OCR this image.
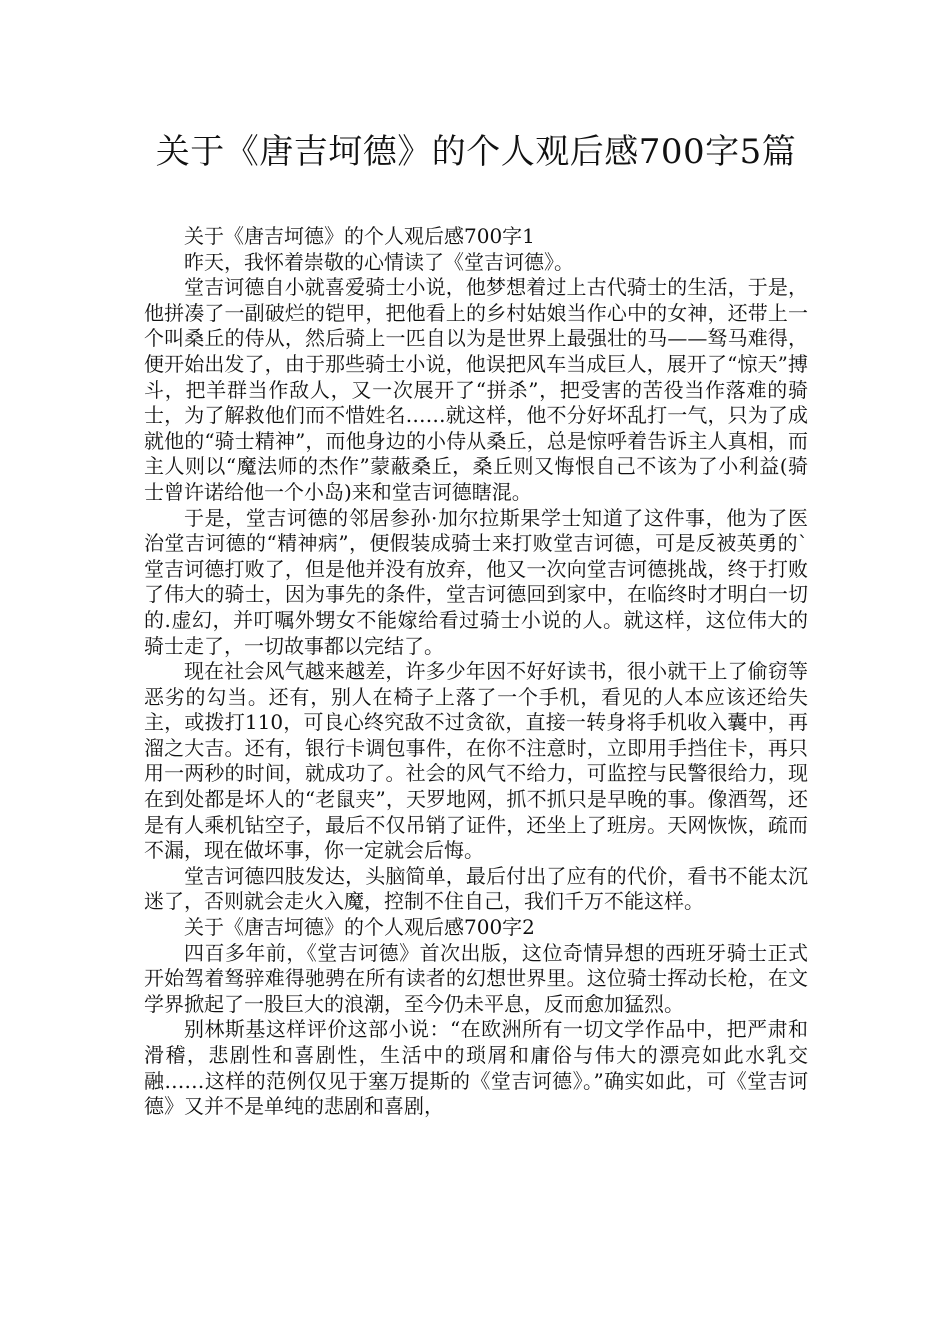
关于《唐吉坷德》的个人观后感700字5篇

关于《唐吉坷德》的个人观后感700字1

昨天，我怀着崇敬的心情读了《堂吉诃德》。

堂吉诃德自小就喜爱骑士小说，他梦想着过上古代骑士的生活，于是，他拼凑了一副破烂的铠甲，把他看上的乡村姑娘当作心中的女神，还带上一个叫桑丘的侍从，然后骑上一匹自以为是世界上最强壮的马——驽马难得，便开始出发了，由于那些骑士小说，他误把风车当成巨人，展开了“惊天”搏斗，把羊群当作敌人，又一次展开了“拼杀”，把受害的苦役当作落难的骑士，为了解救他们而不惜姓名……就这样，他不分好坏乱打一气，只为了成就他的“骑士精神”，而他身边的小侍从桑丘，总是惊呼着告诉主人真相，而主人则以“魔法师的杰作”蒙蔽桑丘，桑丘则又悔恨自己不该为了小利益(骑士曾许诺给他一个小岛)来和堂吉诃德瞎混。

于是，堂吉诃德的邻居参孙·加尔拉斯果学士知道了这件事，他为了医治堂吉诃德的“精神病”，便假装成骑士来打败堂吉诃德，可是反被英勇的`堂吉诃德打败了，但是他并没有放弃，他又一次向堂吉诃德挑战，终于打败了伟大的骑士，因为事先的条件，堂吉诃德回到家中，在临终时才明白一切的.虚幻，并叮嘱外甥女不能嫁给看过骑士小说的人。就这样，这位伟大的骑士走了，一切故事都以完结了。

现在社会风气越来越差，许多少年因不好好读书，很小就干上了偷窃等恶劣的勾当。还有，别人在椅子上落了一个手机，看见的人本应该还给失主，或拨打110，可良心终究敌不过贪欲，直接一转身将手机收入囊中，再溜之大吉。还有，银行卡调包事件，在你不注意时，立即用手挡住卡，再只用一两秒的时间，就成功了。社会的风气不给力，可监控与民警很给力，现在到处都是坏人的“老鼠夹”，天罗地网，抓不抓只是早晚的事。像酒驾，还是有人乘机钻空子，最后不仅吊销了证件，还坐上了班房。天网恢恢，疏而不漏，现在做坏事，你一定就会后悔。

堂吉诃德四肢发达，头脑简单，最后付出了应有的代价，看书不能太沉迷了，否则就会走火入魔，控制不住自己，我们千万不能这样。

关于《唐吉坷德》的个人观后感700字2

四百多年前，《堂吉诃德》首次出版，这位奇情异想的西班牙骑士正式开始驾着驽骍难得驰骋在所有读者的幻想世界里。这位骑士挥动长枪，在文学界掀起了一股巨大的浪潮，至今仍未平息，反而愈加猛烈。

别林斯基这样评价这部小说：“在欧洲所有一切文学作品中，把严肃和滑稽，悲剧性和喜剧性，生活中的琐屑和庸俗与伟大的漂亮如此水乳交融……这样的范例仅见于塞万提斯的《堂吉诃德》。”确实如此，可《堂吉诃德》又并不是单纯的悲剧和喜剧，
